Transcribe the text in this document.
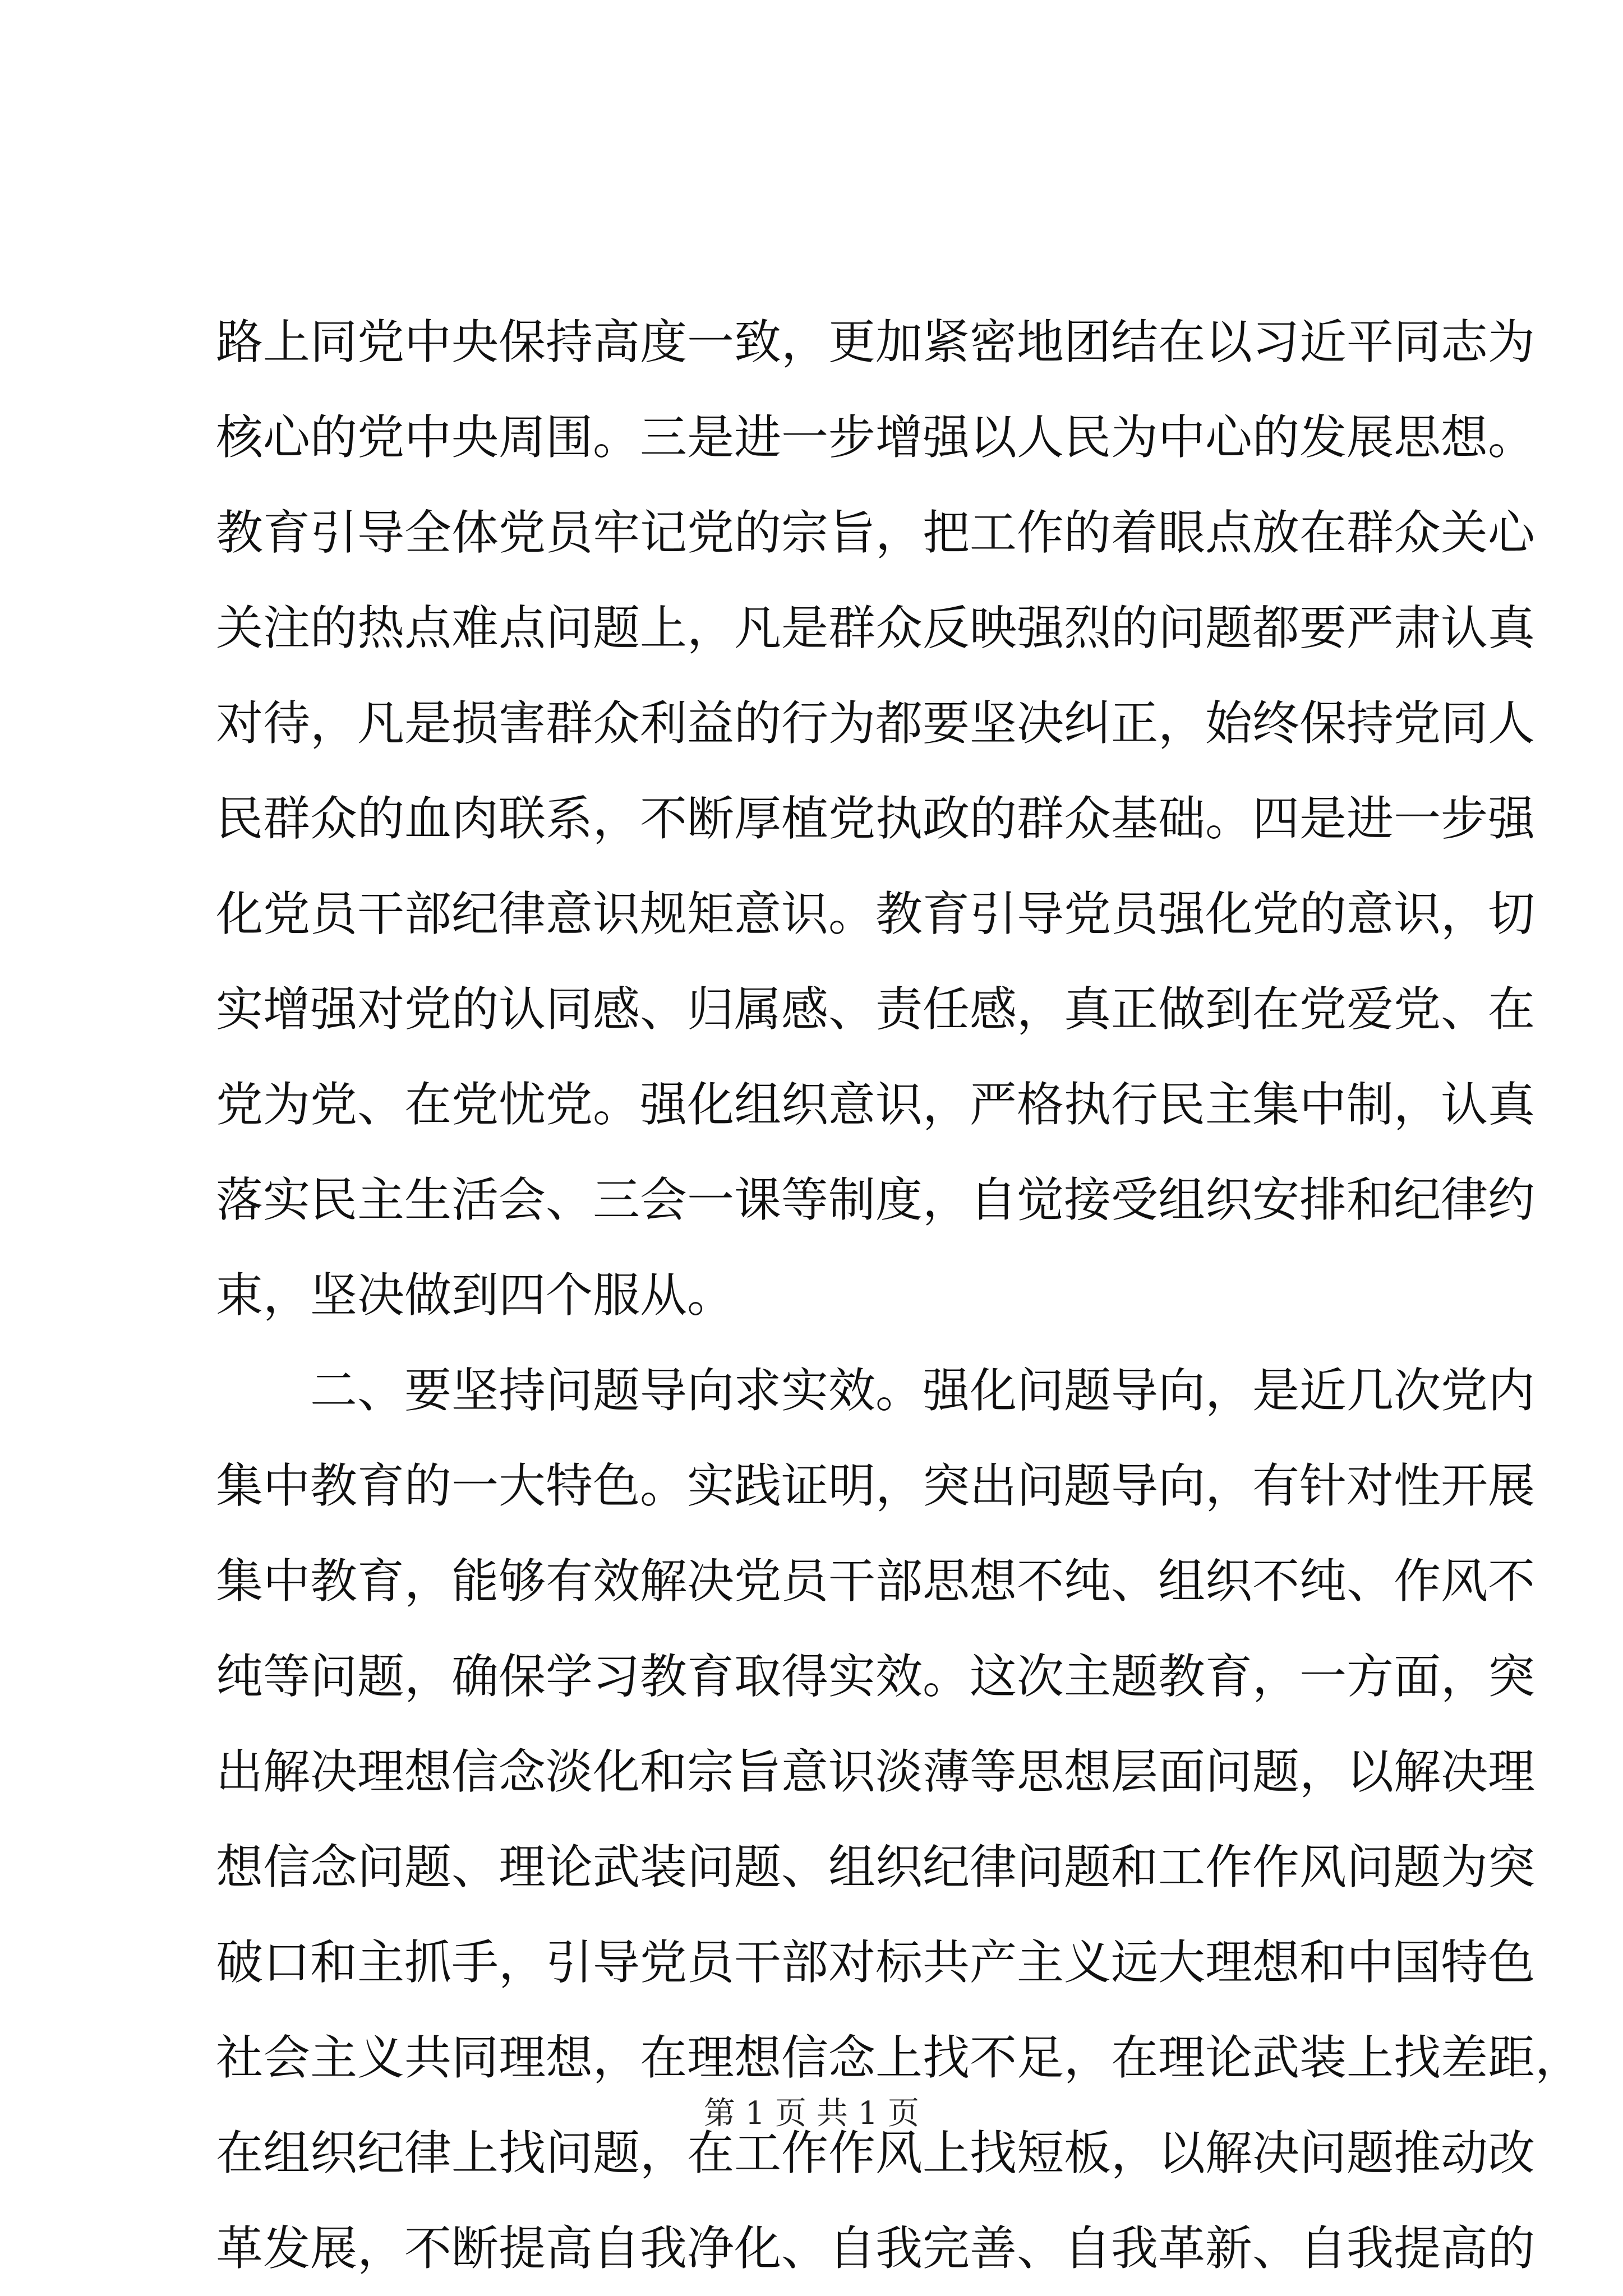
路上同党中央保持高度一致，更加紧密地团结在以习近平同志为
核心的党中央周围。三是进一步增强以人民为中心的发展思想。
教育引导全体党员牢记党的宗旨，把工作的着眼点放在群众关心
关注的热点难点问题上，凡是群众反映强烈的问题都要严肃认真
对待，凡是损害群众利益的行为都要坚决纠正，始终保持党同人
民群众的血肉联系，不断厚植党执政的群众基础。四是进一步强
化党员干部纪律意识规矩意识。教育引导党员强化党的意识，切
实增强对党的认同感、归属感、责任感，真正做到在党爱党、在
党为党、在党忧党。强化组织意识，严格执行民主集中制，认真
落实民主生活会、三会一课等制度，自觉接受组织安排和纪律约
束，坚决做到四个服从。
二、要坚持问题导向求实效。强化问题导向，是近几次党内
集中教育的一大特色。实践证明，突出问题导向，有针对性开展
集中教育，能够有效解决党员干部思想不纯、组织不纯、作风不
纯等问题，确保学习教育取得实效。这次主题教育，一方面，突
出解决理想信念淡化和宗旨意识淡薄等思想层面问题，以解决理
想信念问题、理论武装问题、组织纪律问题和工作作风问题为突
破口和主抓手，引导党员干部对标共产主义远大理想和中国特色
社会主义共同理想，在理想信念上找不足，在理论武装上找差距，
在组织纪律上找问题，在工作作风上找短板，以解决问题推动改
革发展，不断提高自我净化、自我完善、自我革新、自我提高的
第 1 页 共 1 页
